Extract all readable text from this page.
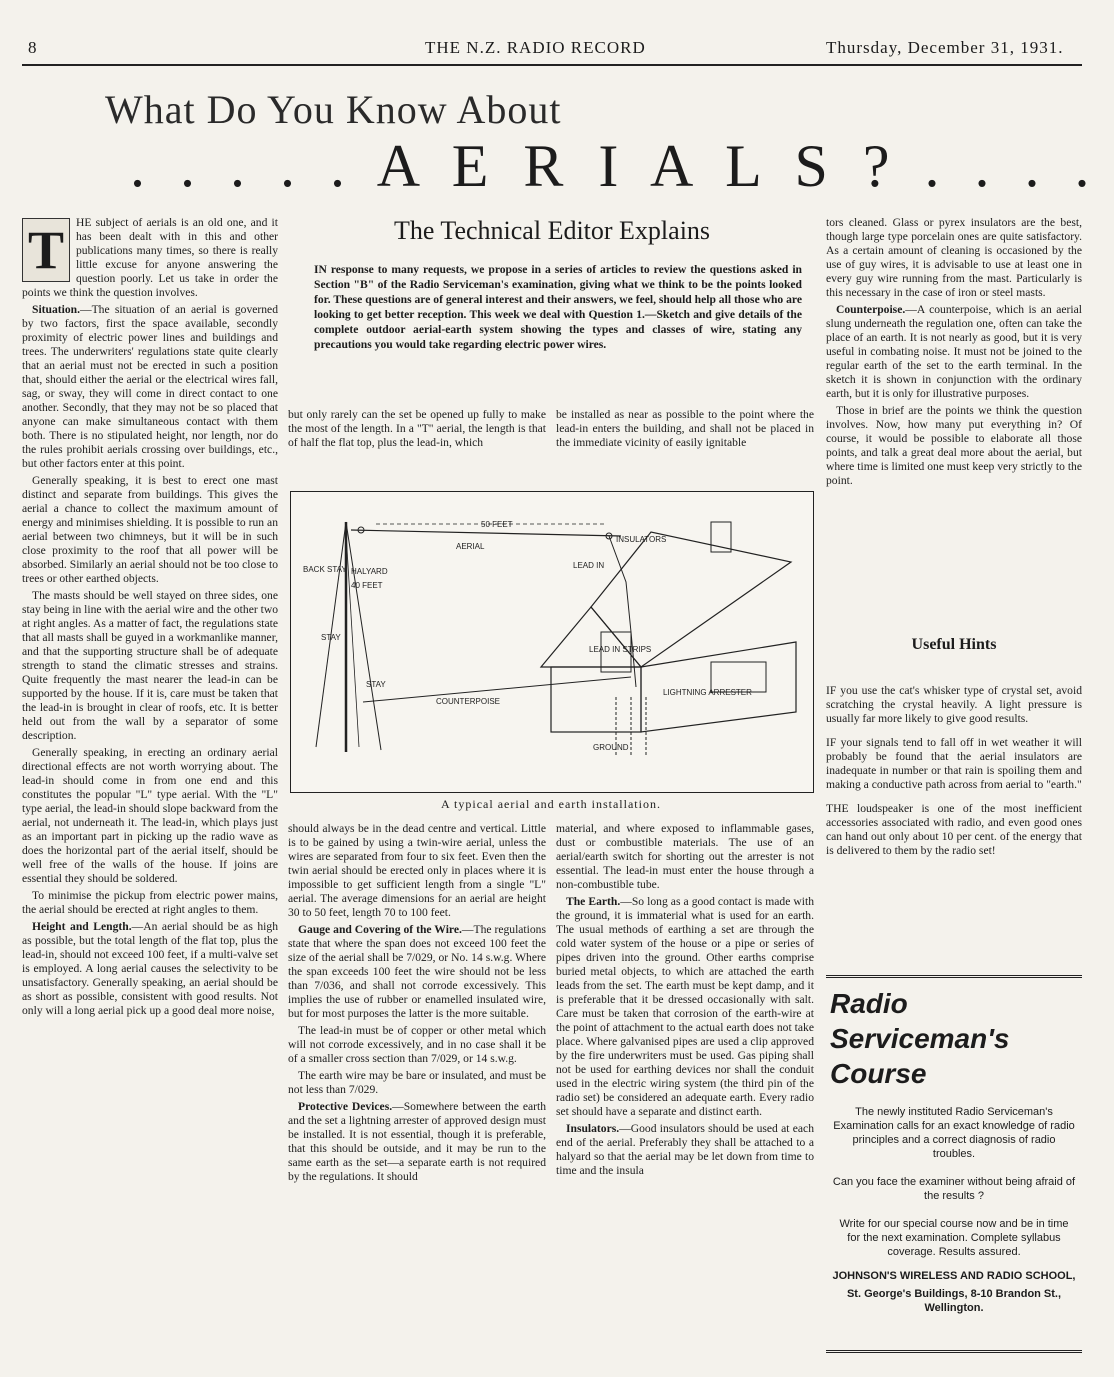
8	THE N.Z. RADIO RECORD	Thursday, December 31, 1931.
What Do You Know About
. . . . . A E R I A L S ? . . . .
T	HE subject of aerials is an old one, and it has been dealt with in this and other publications many times, so there is really little excuse for anyone answering the question poorly. Let us take in order the points we think the question involves.

Situation.—The situation of an aerial is governed by two factors, first the space available, secondly proximity of electric power lines and buildings and trees. The underwriters' regulations state quite clearly that an aerial must not be erected in such a position that, should either the aerial or the electrical wires fall, sag, or sway, they will come in direct contact to one another. Secondly, that they may not be so placed that anyone can make simultaneous contact with them both. There is no stipulated height, nor length, nor do the rules prohibit aerials crossing over buildings, etc., but other factors enter at this point.

Generally speaking, it is best to erect one mast distinct and separate from buildings. This gives the aerial a chance to collect the maximum amount of energy and minimises shielding. It is possible to run an aerial between two chimneys, but it will be in such close proximity to the roof that all power will be absorbed. Similarly an aerial should not be too close to trees or other earthed objects.

The masts should be well stayed on three sides, one stay being in line with the aerial wire and the other two at right angles. As a matter of fact, the regulations state that all masts shall be guyed in a workmanlike manner, and that the supporting structure shall be of adequate strength to stand the climatic stresses and strains. Quite frequently the mast nearer the lead-in can be supported by the house. If it is, care must be taken that the lead-in is brought in clear of roofs, etc. It is better held out from the wall by a separator of some description.

Generally speaking, in erecting an ordinary aerial directional effects are not worth worrying about. The lead-in should come in from one end and this constitutes the popular "L" type aerial. With the "L" type aerial, the lead-in should slope backward from the aerial, not underneath it. The lead-in, which plays just as an important part in picking up the radio wave as does the horizontal part of the aerial itself, should be well free of the walls of the house. If joins are essential they should be soldered.

To minimise the pickup from electric power mains, the aerial should be erected at right angles to them.

Height and Length.—An aerial should be as high as possible, but the total length of the flat top, plus the lead-in, should not exceed 100 feet, if a multi-valve set is employed. A long aerial causes the selectivity to be unsatisfactory. Generally speaking, an aerial should be as short as possible, consistent with good results. Not only will a long aerial pick up a good deal more noise,

The Technical Editor Explains
IN response to many requests, we propose in a series of articles to review the questions asked in Section "B" of the Radio Serviceman's examination, giving what we think to be the points looked for. These questions are of general interest and their answers, we feel, should help all those who are looking to get better reception. This week we deal with Question 1.—Sketch and give details of the complete outdoor aerial-earth system showing the types and classes of wire, stating any precautions you would take regarding electric power wires.

but only rarely can the set be opened up fully to make the most of the length. In a "T" aerial, the length is that of half the flat top, plus the lead-in, which

be installed as near as possible to the point where the lead-in enters the building, and shall not be placed in the immediate vicinity of easily ignitable

50 FEET
AERIAL
INSULATORS
LEAD IN
BACK STAY HALYARD
40 FEET
STAY
LEAD IN STRIPS
COUNTERPOISE
LIGHTNING ARRESTER
GROUND
STAY
A typical aerial and earth installation.

should always be in the dead centre and vertical. Little is to be gained by using a twin-wire aerial, unless the wires are separated from four to six feet. Even then the twin aerial should be erected only in places where it is impossible to get sufficient length from a single "L" aerial. The average dimensions for an aerial are height 30 to 50 feet, length 70 to 100 feet.

Gauge and Covering of the Wire.—The regulations state that where the span does not exceed 100 feet the size of the aerial shall be 7/029, or No. 14 s.w.g. Where the span exceeds 100 feet the wire should not be less than 7/036, and shall not corrode excessively. This implies the use of rubber or enamelled insulated wire, but for most purposes the latter is the more suitable.

The lead-in must be of copper or other metal which will not corrode excessively, and in no case shall it be of a smaller cross section than 7/029, or 14 s.w.g.

The earth wire may be bare or insulated, and must be not less than 7/029.

Protective Devices.—Somewhere between the earth and the set a lightning arrester of approved design must be installed. It is not essential, though it is preferable, that this should be outside, and it may be run to the same earth as the set—a separate earth is not required by the regulations. It should

material, and where exposed to inflammable gases, dust or combustible materials. The use of an aerial/earth switch for shorting out the arrester is not essential. The lead-in must enter the house through a non-combustible tube.

The Earth.—So long as a good contact is made with the ground, it is immaterial what is used for an earth. The usual methods of earthing a set are through the cold water system of the house or a pipe or series of pipes driven into the ground. Other earths comprise buried metal objects, to which are attached the earth leads from the set. The earth must be kept damp, and it is preferable that it be dressed occasionally with salt. Care must be taken that corrosion of the earth-wire at the point of attachment to the actual earth does not take place. Where galvanised pipes are used a clip approved by the fire underwriters must be used. Gas piping shall not be used for earthing devices nor shall the conduit used in the electric wiring system (the third pin of the radio set) be considered an adequate earth. Every radio set should have a separate and distinct earth.

Insulators.—Good insulators should be used at each end of the aerial. Preferably they shall be attached to a halyard so that the aerial may be let down from time to time and the insula

tors cleaned. Glass or pyrex insulators are the best, though large type porcelain ones are quite satisfactory. As a certain amount of cleaning is occasioned by the use of guy wires, it is advisable to use at least one in every guy wire running from the mast. Particularly is this necessary in the case of iron or steel masts.

Counterpoise.—A counterpoise, which is an aerial slung underneath the regulation one, often can take the place of an earth. It is not nearly as good, but it is very useful in combating noise. It must not be joined to the regular earth of the set to the earth terminal. In the sketch it is shown in conjunction with the ordinary earth, but it is only for illustrative purposes.

Those in brief are the points we think the question involves. Now, how many put everything in? Of course, it would be possible to elaborate all those points, and talk a great deal more about the aerial, but where time is limited one must keep very strictly to the point.

Useful Hints

IF you use the cat's whisker type of crystal set, avoid scratching the crystal heavily. A light pressure is usually far more likely to give good results.

IF your signals tend to fall off in wet weather it will probably be found that the aerial insulators are inadequate in number or that rain is spoiling them and making a conductive path across from aerial to "earth."

THE loudspeaker is one of the most inefficient accessories associated with radio, and even good ones can hand out only about 10 per cent. of the energy that is delivered to them by the radio set!

Radio
Serviceman's
Course
The newly instituted Radio Serviceman's Examination calls for an exact knowledge of radio principles and a correct diagnosis of radio troubles.
Can you face the examiner without being afraid of the results ?
Write for our special course now and be in time for the next examination. Complete syllabus coverage. Results assured.
JOHNSON'S WIRELESS AND RADIO SCHOOL,
St. George's Buildings, 8-10 Brandon St., Wellington.
